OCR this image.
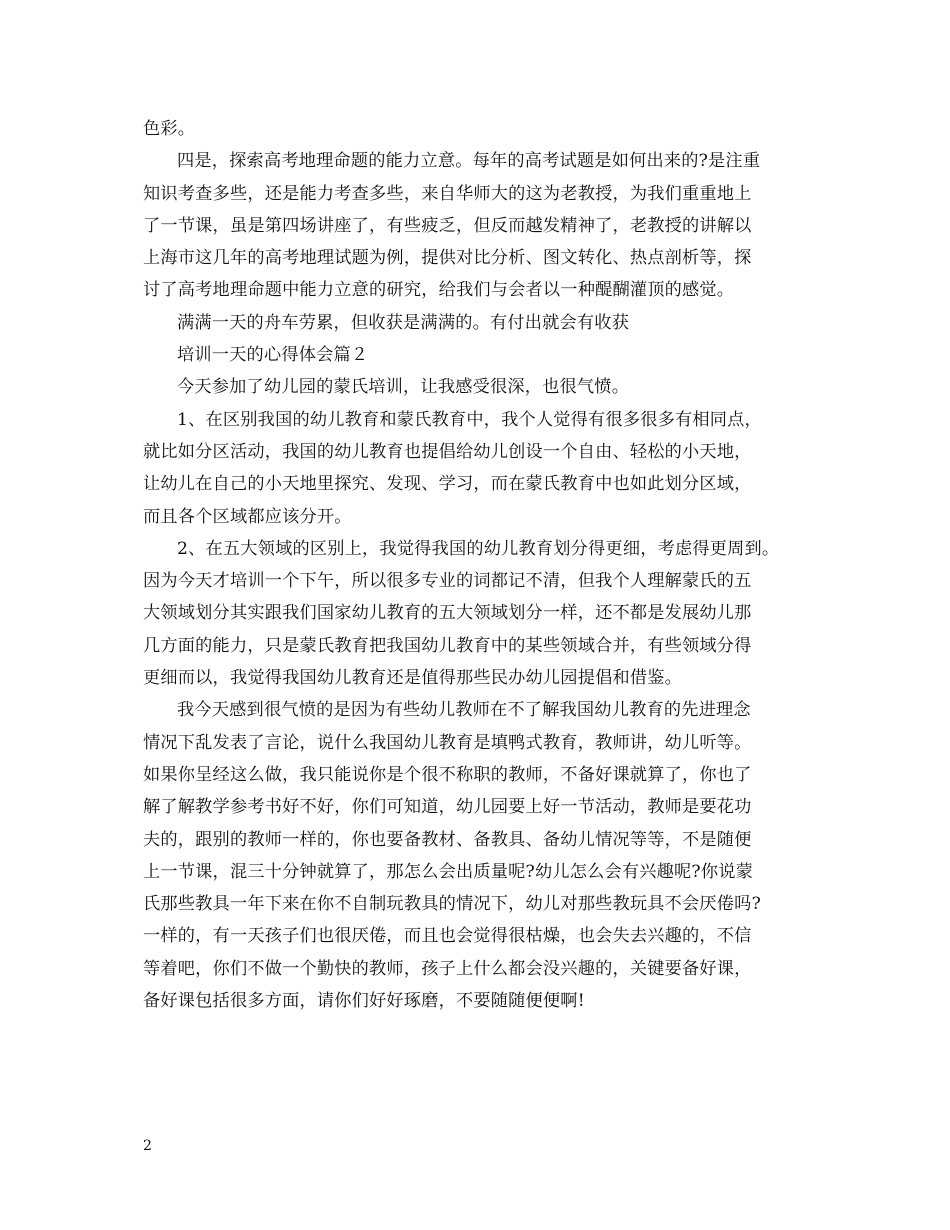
色彩。
四是，探索高考地理命题的能力立意。每年的高考试题是如何出来的?是注重
知识考查多些，还是能力考查多些，来自华师大的这为老教授，为我们重重地上
了一节课，虽是第四场讲座了，有些疲乏，但反而越发精神了，老教授的讲解以
上海市这几年的高考地理试题为例，提供对比分析、图文转化、热点剖析等，探
讨了高考地理命题中能力立意的研究，给我们与会者以一种醍醐灌顶的感觉。
满满一天的舟车劳累，但收获是满满的。有付出就会有收获
培训一天的心得体会篇２
今天参加了幼儿园的蒙氏培训，让我感受很深，也很气愤。
1、在区别我国的幼儿教育和蒙氏教育中，我个人觉得有很多很多有相同点，
就比如分区活动，我国的幼儿教育也提倡给幼儿创设一个自由、轻松的小天地，
让幼儿在自己的小天地里探究、发现、学习，而在蒙氏教育中也如此划分区域，
而且各个区域都应该分开。
2、在五大领域的区别上，我觉得我国的幼儿教育划分得更细，考虑得更周到。
因为今天才培训一个下午，所以很多专业的词都记不清，但我个人理解蒙氏的五
大领域划分其实跟我们国家幼儿教育的五大领域划分一样，还不都是发展幼儿那
几方面的能力，只是蒙氏教育把我国幼儿教育中的某些领域合并，有些领域分得
更细而以，我觉得我国幼儿教育还是值得那些民办幼儿园提倡和借鉴。
我今天感到很气愤的是因为有些幼儿教师在不了解我国幼儿教育的先进理念
情况下乱发表了言论，说什么我国幼儿教育是填鸭式教育，教师讲，幼儿听等。
如果你呈经这么做，我只能说你是个很不称职的教师，不备好课就算了，你也了
解了解教学参考书好不好，你们可知道，幼儿园要上好一节活动，教师是要花功
夫的，跟别的教师一样的，你也要备教材、备教具、备幼儿情况等等，不是随便
上一节课，混三十分钟就算了，那怎么会出质量呢?幼儿怎么会有兴趣呢?你说蒙
氏那些教具一年下来在你不自制玩教具的情况下，幼儿对那些教玩具不会厌倦吗?
一样的，有一天孩子们也很厌倦，而且也会觉得很枯燥，也会失去兴趣的，不信
等着吧，你们不做一个勤快的教师，孩子上什么都会没兴趣的，关键要备好课，
备好课包括很多方面，请你们好好琢磨，不要随随便便啊!
2
